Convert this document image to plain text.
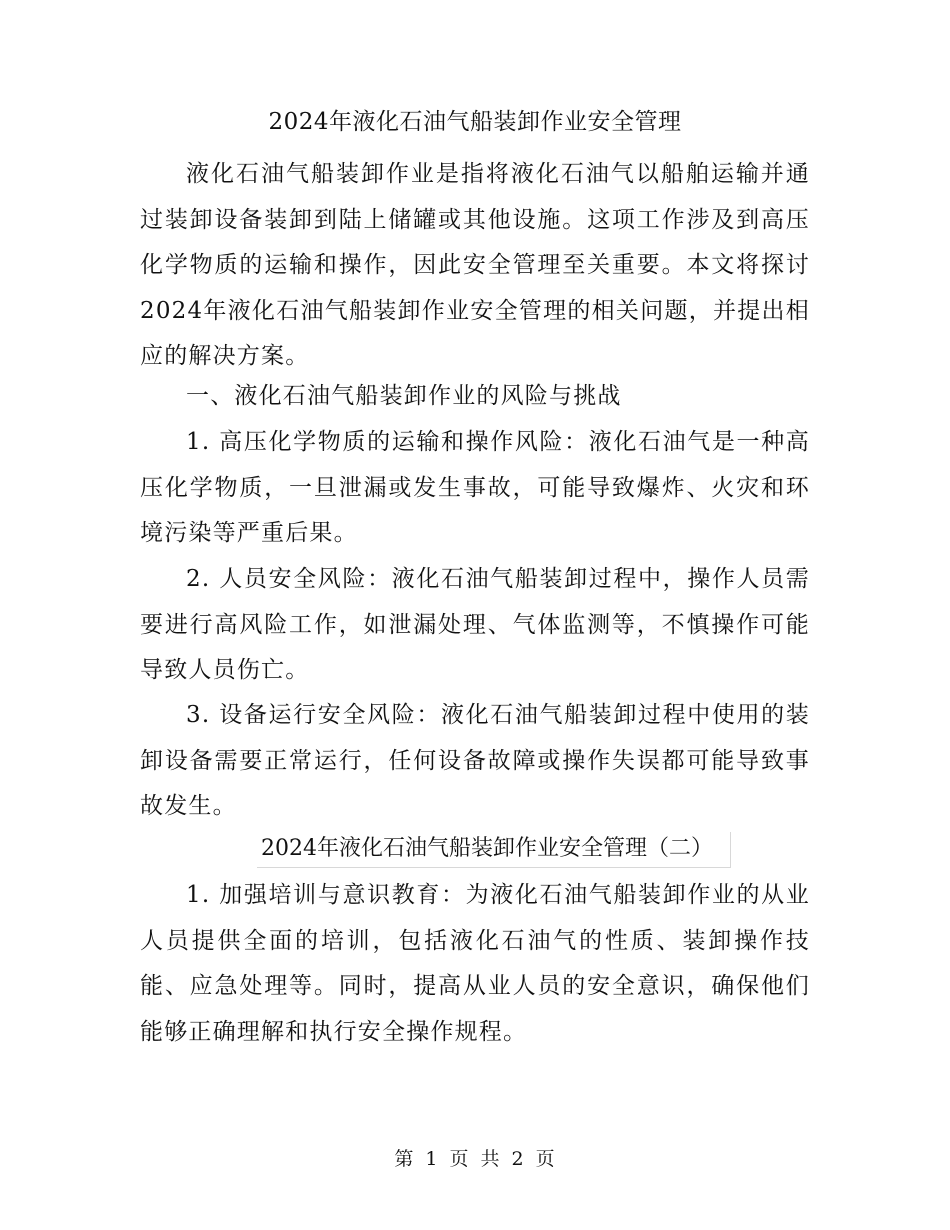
2024年液化石油气船装卸作业安全管理

液化石油气船装卸作业是指将液化石油气以船舶运输并通过装卸设备装卸到陆上储罐或其他设施。这项工作涉及到高压化学物质的运输和操作，因此安全管理至关重要。本文将探讨2024年液化石油气船装卸作业安全管理的相关问题，并提出相应的解决方案。

一、液化石油气船装卸作业的风险与挑战

1. 高压化学物质的运输和操作风险：液化石油气是一种高压化学物质，一旦泄漏或发生事故，可能导致爆炸、火灾和环境污染等严重后果。

2. 人员安全风险：液化石油气船装卸过程中，操作人员需要进行高风险工作，如泄漏处理、气体监测等，不慎操作可能导致人员伤亡。

3. 设备运行安全风险：液化石油气船装卸过程中使用的装卸设备需要正常运行，任何设备故障或操作失误都可能导致事故发生。

2024年液化石油气船装卸作业安全管理（二）

1. 加强培训与意识教育：为液化石油气船装卸作业的从业人员提供全面的培训，包括液化石油气的性质、装卸操作技能、应急处理等。同时，提高从业人员的安全意识，确保他们能够正确理解和执行安全操作规程。

第 1 页 共 2 页
